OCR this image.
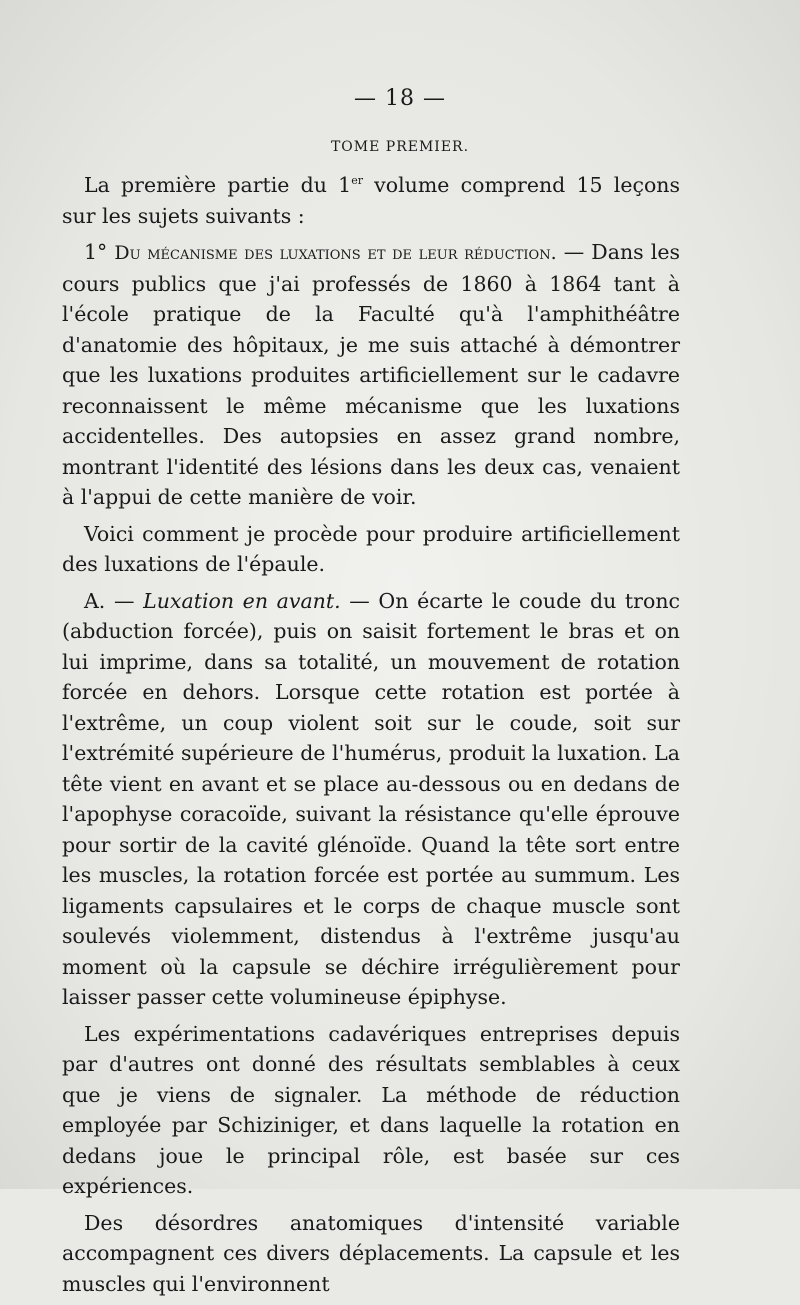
— 18 —
TOME PREMIER.

La première partie du 1er volume comprend 15 leçons sur les sujets suivants :

1° Du mécanisme des luxations et de leur réduction. — Dans les cours publics que j'ai professés de 1860 à 1864 tant à l'école pratique de la Faculté qu'à l'amphithéâtre d'anatomie des hôpitaux, je me suis attaché à démontrer que les luxations produites artificiellement sur le cadavre reconnaissent le même mécanisme que les luxations accidentelles. Des autopsies en assez grand nombre, montrant l'identité des lésions dans les deux cas, venaient à l'appui de cette manière de voir.

Voici comment je procède pour produire artificiellement des luxations de l'épaule.

A. — Luxation en avant. — On écarte le coude du tronc (abduction forcée), puis on saisit fortement le bras et on lui imprime, dans sa totalité, un mouvement de rotation forcée en dehors. Lorsque cette rotation est portée à l'extrême, un coup violent soit sur le coude, soit sur l'extrémité supérieure de l'humérus, produit la luxation. La tête vient en avant et se place au-dessous ou en dedans de l'apophyse coracoïde, suivant la résistance qu'elle éprouve pour sortir de la cavité glénoïde. Quand la tête sort entre les muscles, la rotation forcée est portée au summum. Les ligaments capsulaires et le corps de chaque muscle sont soulevés violemment, distendus à l'extrême jusqu'au moment où la capsule se déchire irrégulièrement pour laisser passer cette volumineuse épiphyse.

Les expérimentations cadavériques entreprises depuis par d'autres ont donné des résultats semblables à ceux que je viens de signaler. La méthode de réduction employée par Schiziniger, et dans laquelle la rotation en dedans joue le principal rôle, est basée sur ces expériences.

Des désordres anatomiques d'intensité variable accompagnent ces divers déplacements. La capsule et les muscles qui l'environnent
